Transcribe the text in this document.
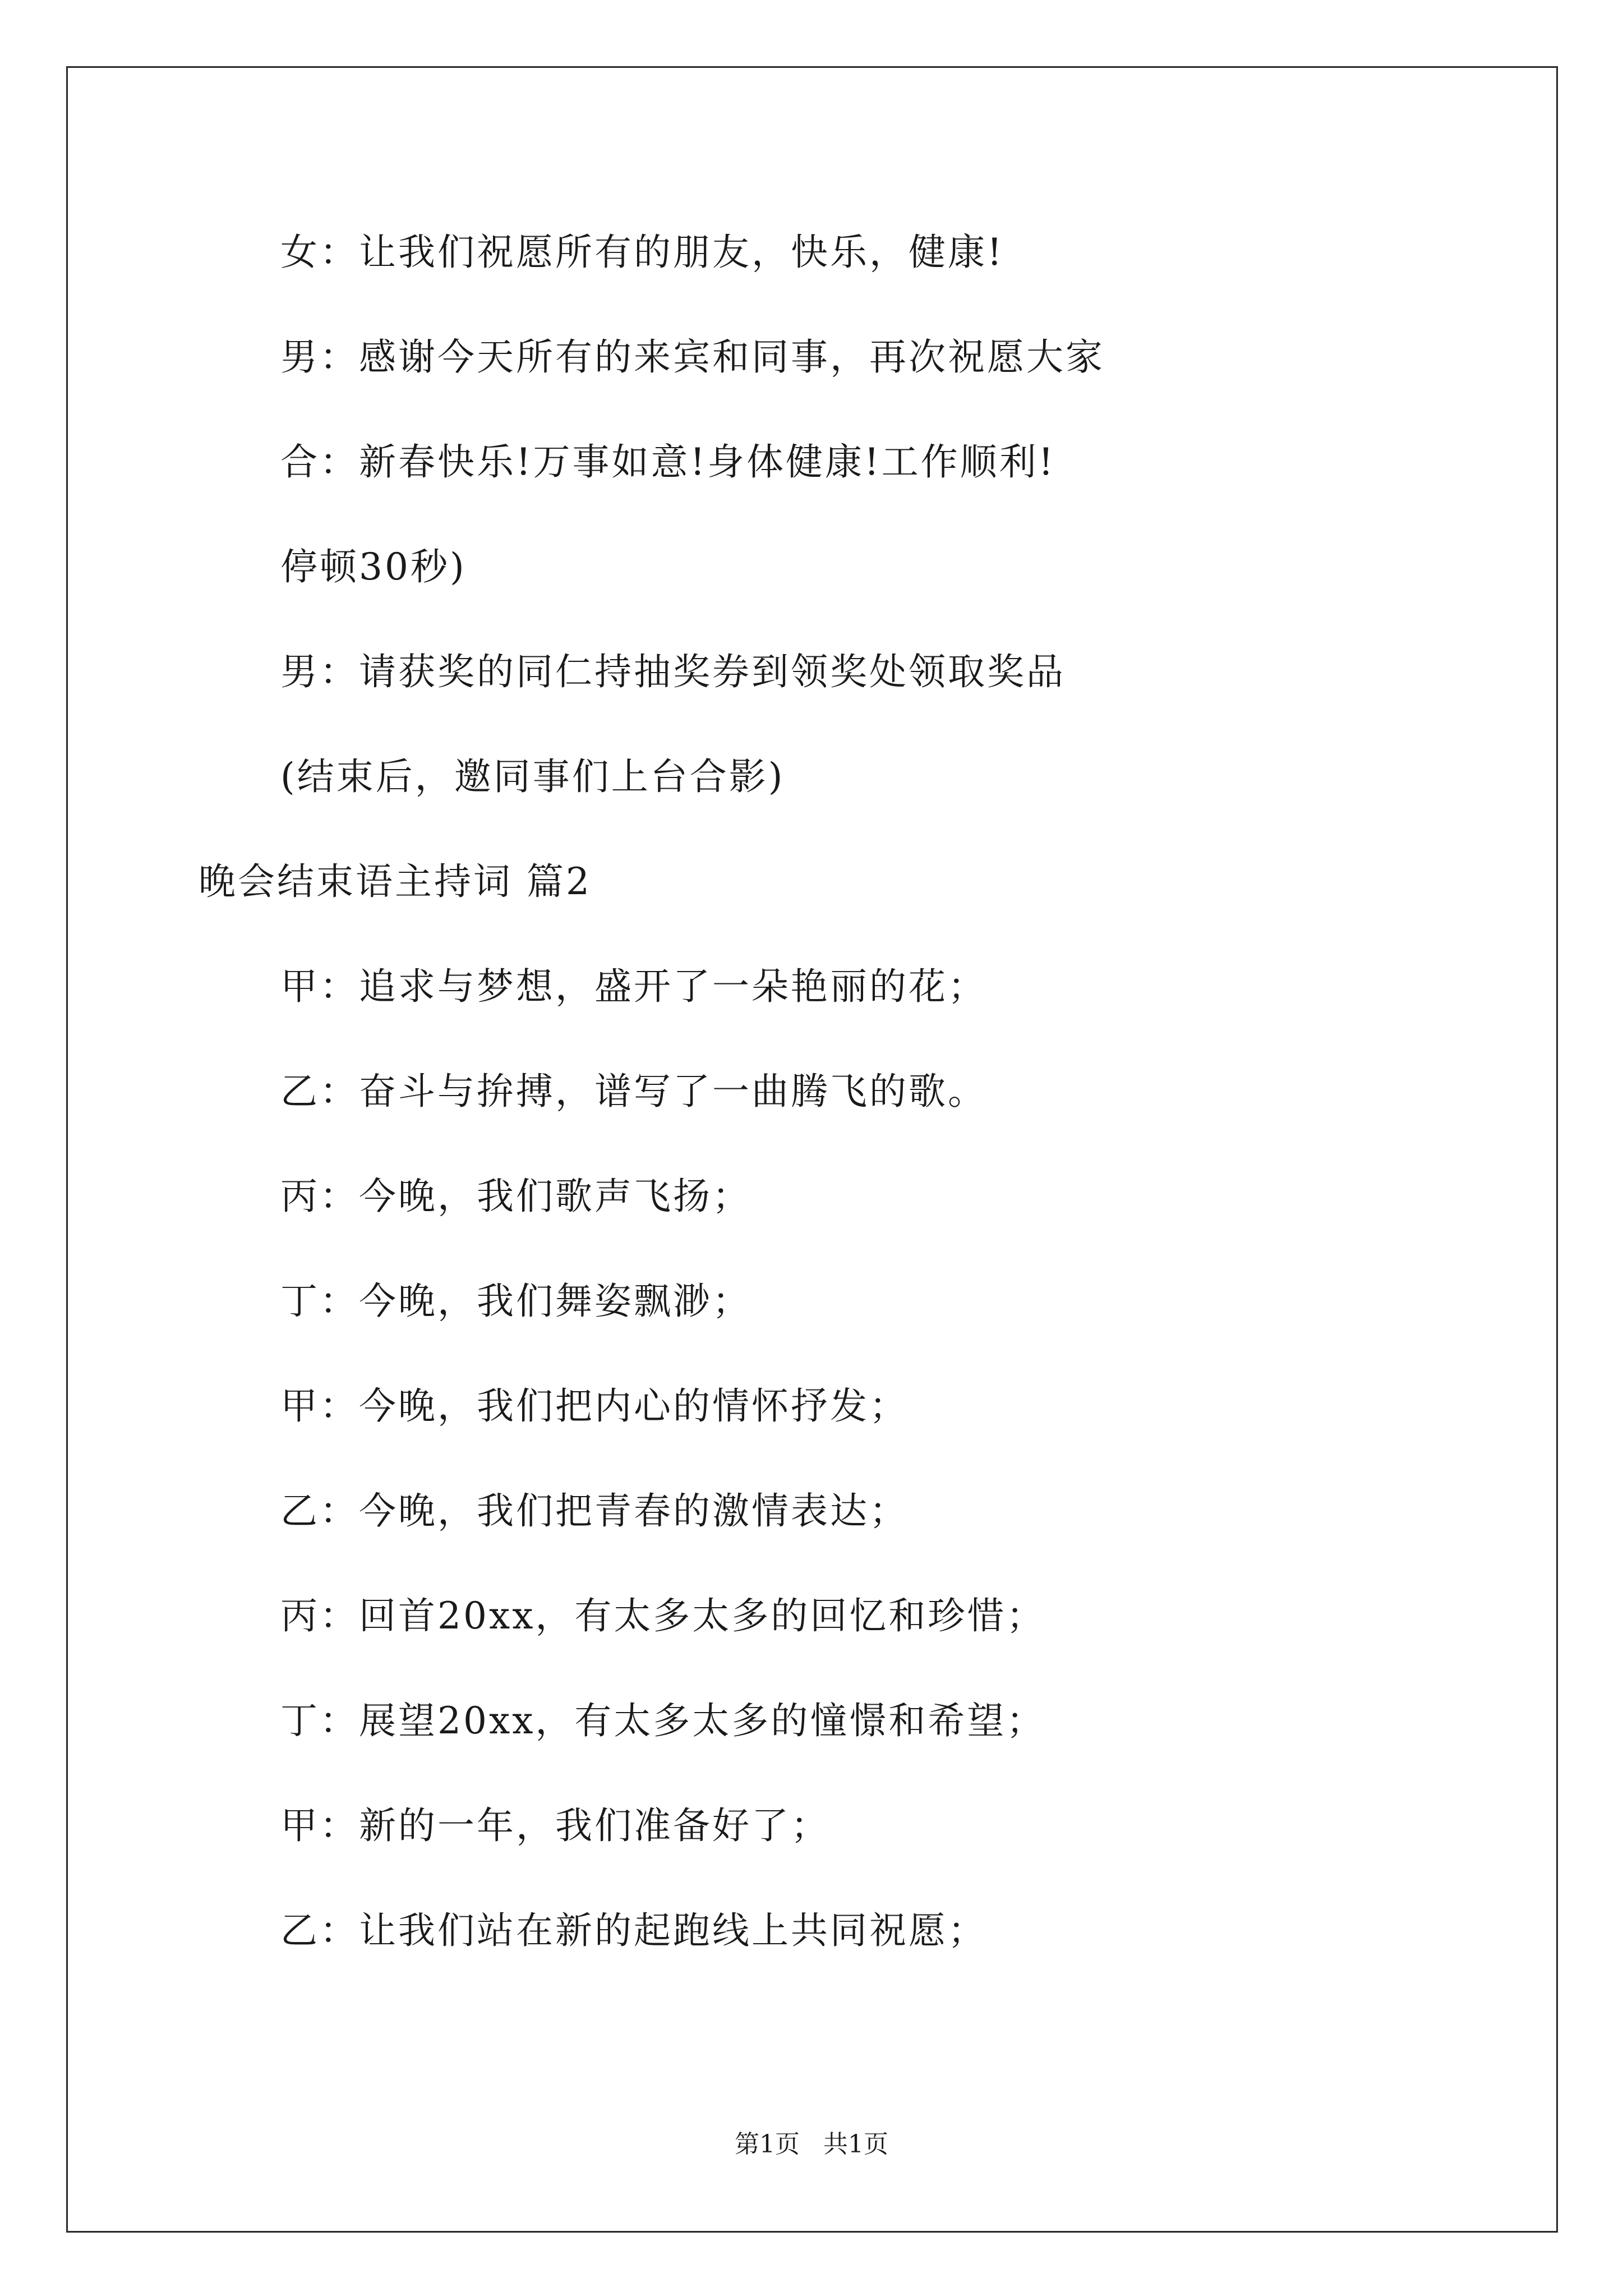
女：让我们祝愿所有的朋友，快乐，健康!
男：感谢今天所有的来宾和同事，再次祝愿大家
合：新春快乐!万事如意!身体健康!工作顺利!
停顿30秒)
男：请获奖的同仁持抽奖券到领奖处领取奖品
(结束后，邀同事们上台合影)
晚会结束语主持词 篇2
甲：追求与梦想，盛开了一朵艳丽的花；
乙：奋斗与拚搏，谱写了一曲腾飞的歌。
丙：今晚，我们歌声飞扬；
丁：今晚，我们舞姿飘渺；
甲：今晚，我们把内心的情怀抒发；
乙：今晚，我们把青春的激情表达；
丙：回首20xx，有太多太多的回忆和珍惜；
丁：展望20xx，有太多太多的憧憬和希望；
甲：新的一年，我们准备好了；
乙：让我们站在新的起跑线上共同祝愿；
第1页   共1页
